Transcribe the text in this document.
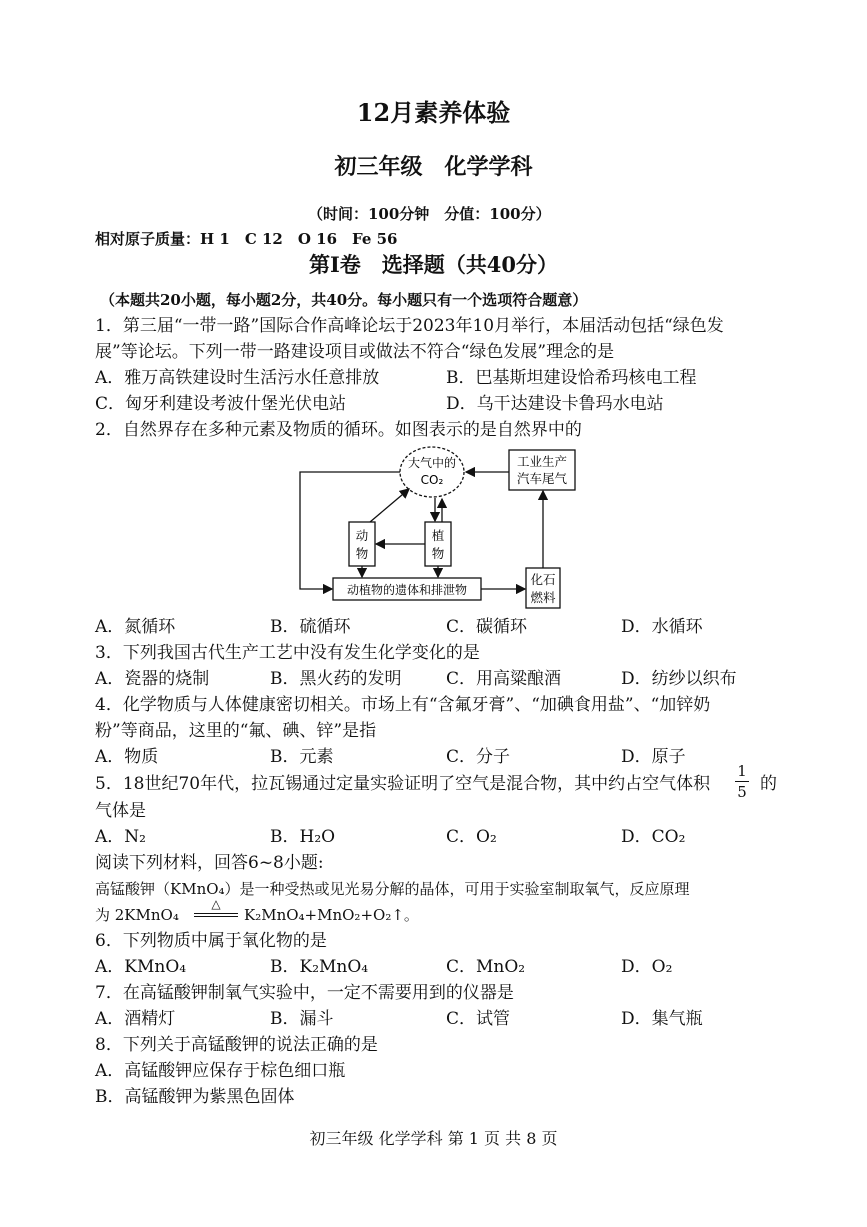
12月素养体验
初三年级　化学学科
（时间：100分钟　分值：100分）
相对原子质量：H 1　C 12　O 16　Fe 56
第Ⅰ卷　选择题（共40分）
（本题共20小题，每小题2分，共40分。每小题只有一个选项符合题意）
1．第三届“一带一路”国际合作高峰论坛于2023年10月举行，本届活动包括“绿色发
展”等论坛。下列一带一路建设项目或做法不符合“绿色发展”理念的是
A．雅万高铁建设时生活污水任意排放	B．巴基斯坦建设恰希玛核电工程
C．匈牙利建设考波什堡光伏电站	D．乌干达建设卡鲁玛水电站
2．自然界存在多种元素及物质的循环。如图表示的是自然界中的
大气中的
CO₂
工业生产
汽车尾气
动
物
植
物
动植物的遗体和排泄物
化石
燃料
A．氮循环	B．硫循环	C．碳循环	D．水循环
3．下列我国古代生产工艺中没有发生化学变化的是
A．瓷器的烧制	B．黑火药的发明	C．用高粱酿酒	D．纺纱以织布
4．化学物质与人体健康密切相关。市场上有“含氟牙膏”、“加碘食用盐”、“加锌奶
粉”等商品，这里的“氟、碘、锌”是指
A．物质	B．元素	C．分子	D．原子
5．18世纪70年代，拉瓦锡通过定量实验证明了空气是混合物，其中约占空气体积
1
5 的
气体是
A．N₂	B．H₂O	C．O₂	D．CO₂
阅读下列材料，回答6~8小题:
高锰酸钾（KMnO₄）是一种受热或见光易分解的晶体，可用于实验室制取氧气，反应原理
为 2KMnO₄
△
K₂MnO₄+MnO₂+O₂↑。
6．下列物质中属于氧化物的是
A．KMnO₄	B．K₂MnO₄	C．MnO₂	D．O₂
7．在高锰酸钾制氧气实验中，一定不需要用到的仪器是
A．酒精灯	B．漏斗	C．试管	D．集气瓶
8．下列关于高锰酸钾的说法正确的是
A．高锰酸钾应保存于棕色细口瓶
B．高锰酸钾为紫黑色固体
初三年级 化学学科 第 1 页 共 8 页
